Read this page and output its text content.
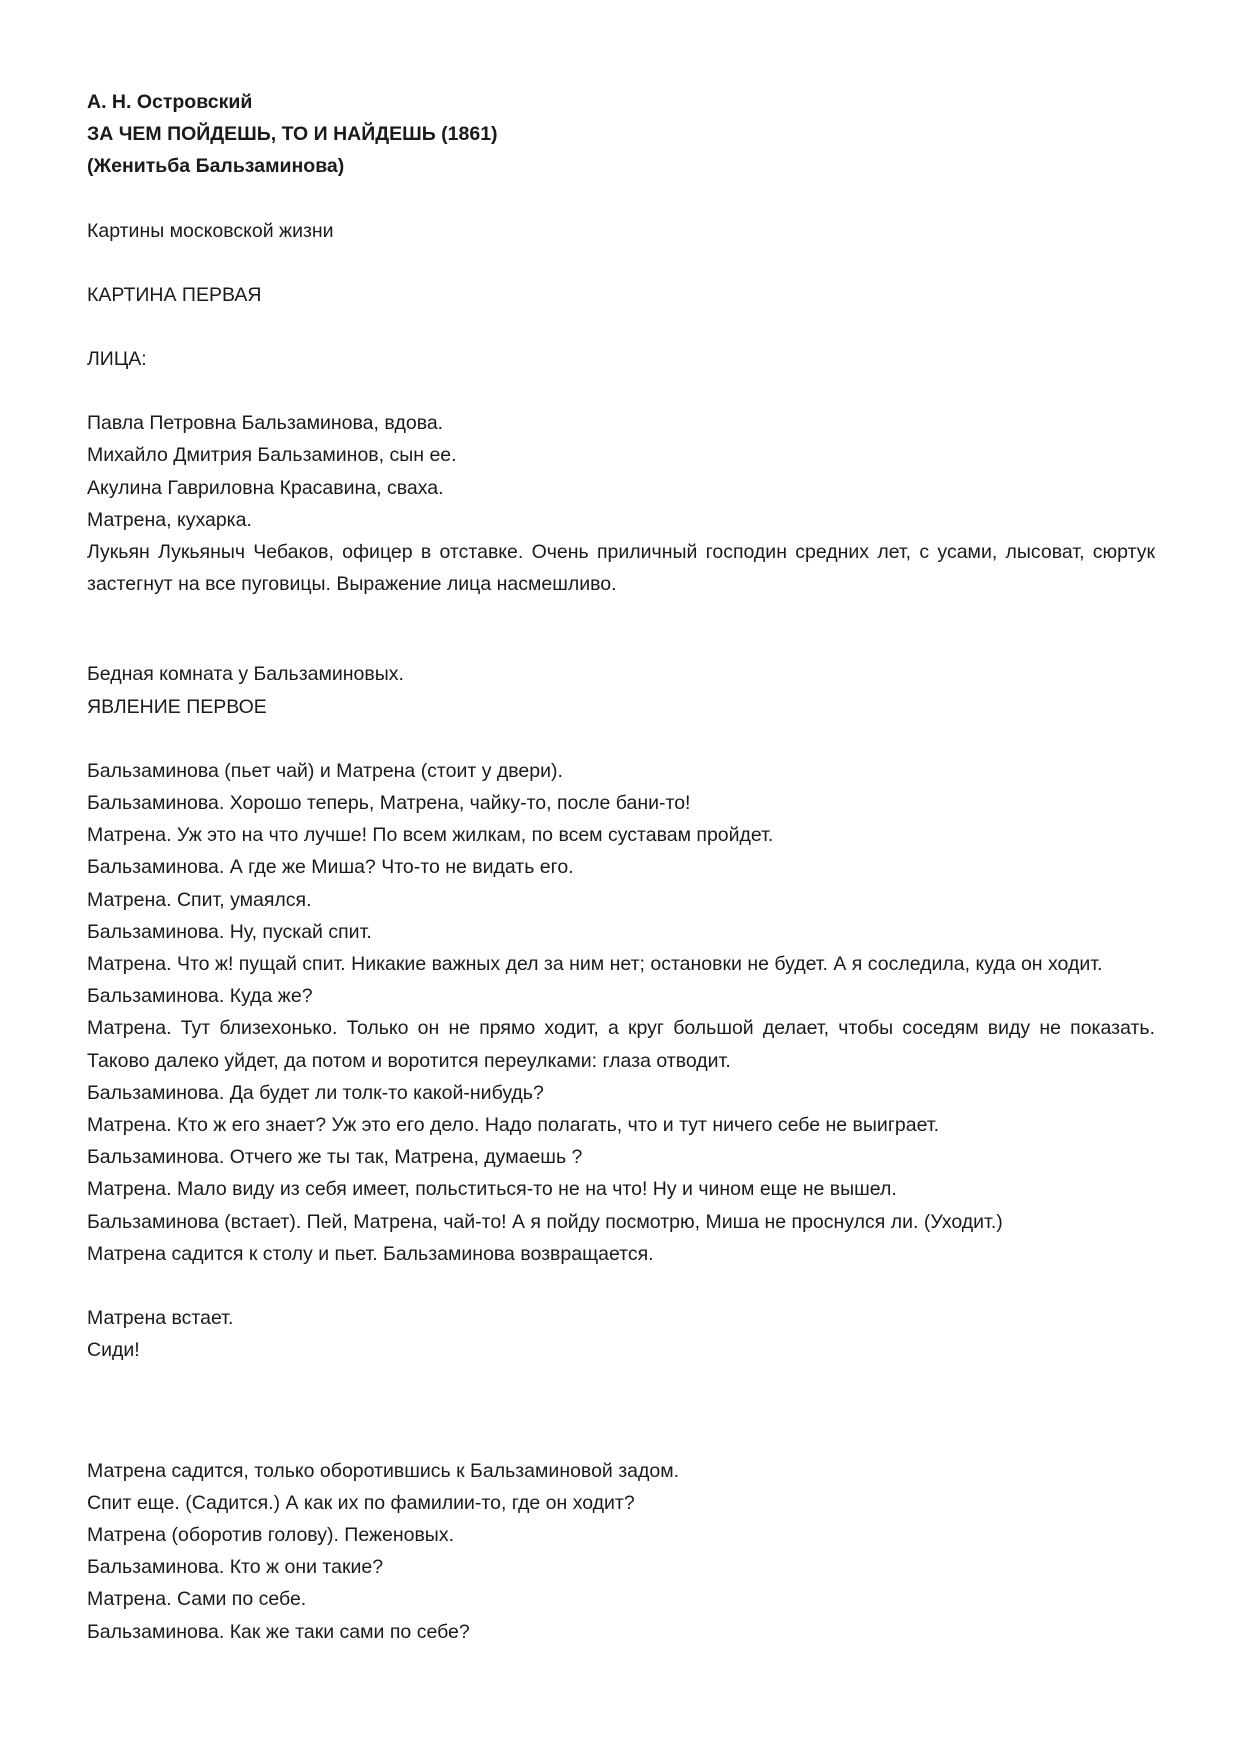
А. Н. Островский

ЗА ЧЕМ ПОЙДЕШЬ, ТО И НАЙДЕШЬ (1861)

(Женитьба Бальзаминова)

Картины московской жизни

КАРТИНА ПЕРВАЯ

ЛИЦА:

Павла Петровна Бальзаминова, вдова.

Михайло Дмитрия Бальзаминов, сын ее.

Акулина Гавриловна Красавина, сваха.

Матрена, кухарка.

Лукьян Лукьяныч Чебаков, офицер в отставке. Очень приличный господин средних лет, с усами, лысоват, сюртук застегнут на все пуговицы. Выражение лица насмешливо.

Бедная комната у Бальзаминовых.

ЯВЛЕНИЕ ПЕРВОЕ

Бальзаминова (пьет чай) и Матрена (стоит у двери).

Бальзаминова. Хорошо теперь, Матрена, чайку-то, после бани-то!

Матрена. Уж это на что лучше! По всем жилкам, по всем суставам пройдет.

Бальзаминова. А где же Миша? Что-то не видать его.

Матрена. Спит, умаялся.

Бальзаминова. Ну, пускай спит.

Матрена. Что ж! пущай спит. Никакие важных дел за ним нет; остановки не будет. А я соследила, куда он ходит.

Бальзаминова. Куда же?

Матрена. Тут близехонько. Только он не прямо ходит, а круг большой делает, чтобы соседям виду не показать. Таково далеко уйдет, да потом и воротится переулками: глаза отводит.

Бальзаминова. Да будет ли толк-то какой-нибудь?

Матрена. Кто ж его знает? Уж это его дело. Надо полагать, что и тут ничего себе не выиграет.

Бальзаминова. Отчего же ты так, Матрена, думаешь ?

Матрена. Мало виду из себя имеет, польститься-то не на что! Ну и чином еще не вышел.

Бальзаминова (встает). Пей, Матрена, чай-то! А я пойду посмотрю, Миша не проснулся ли. (Уходит.)

Матрена садится к столу и пьет. Бальзаминова возвращается.

Матрена встает.

Сиди!

Матрена садится, только оборотившись к Бальзаминовой задом.

Спит еще. (Садится.) А как их по фамилии-то, где он ходит?

Матрена (оборотив голову). Пеженовых.

Бальзаминова. Кто ж они такие?

Матрена. Сами по себе.

Бальзаминова. Как же таки сами по себе?
